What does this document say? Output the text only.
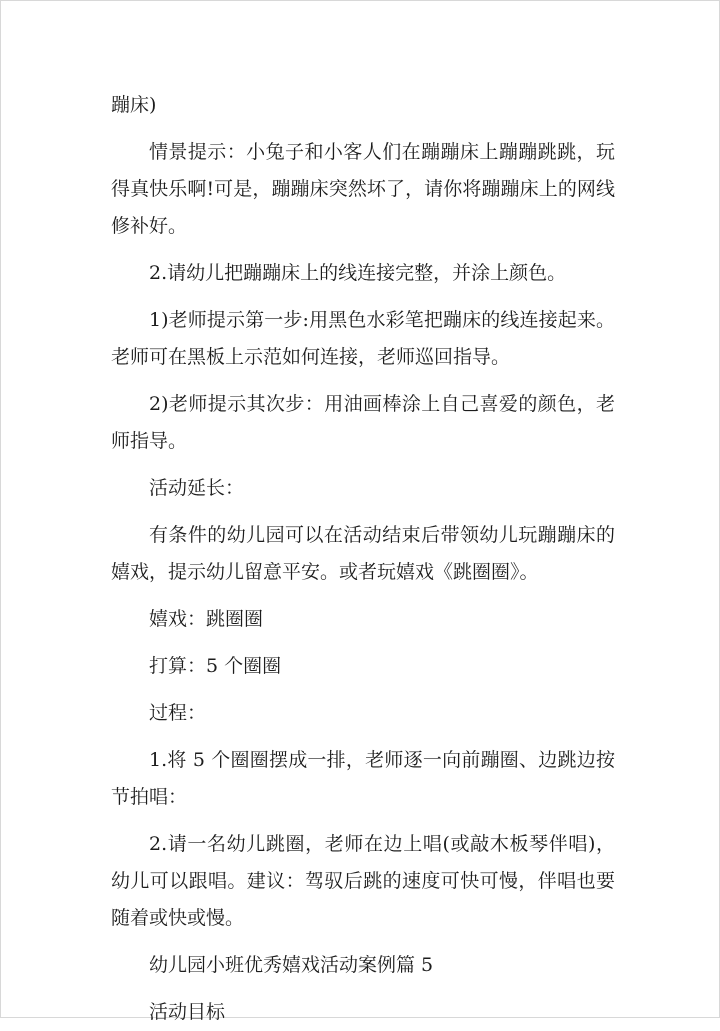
蹦床)

情景提示：小兔子和小客人们在蹦蹦床上蹦蹦跳跳，玩得真快乐啊!可是，蹦蹦床突然坏了，请你将蹦蹦床上的网线修补好。

2.请幼儿把蹦蹦床上的线连接完整，并涂上颜色。

1)老师提示第一步:用黑色水彩笔把蹦床的线连接起来。老师可在黑板上示范如何连接，老师巡回指导。

2)老师提示其次步：用油画棒涂上自己喜爱的颜色，老师指导。

活动延长：

有条件的幼儿园可以在活动结束后带领幼儿玩蹦蹦床的嬉戏，提示幼儿留意平安。或者玩嬉戏《跳圈圈》。

嬉戏：跳圈圈

打算：5 个圈圈

过程：

1.将 5 个圈圈摆成一排，老师逐一向前蹦圈、边跳边按节拍唱：

2.请一名幼儿跳圈，老师在边上唱(或敲木板琴伴唱)，幼儿可以跟唱。建议：驾驭后跳的速度可快可慢，伴唱也要随着或快或慢。

幼儿园小班优秀嬉戏活动案例篇 5

活动目标
